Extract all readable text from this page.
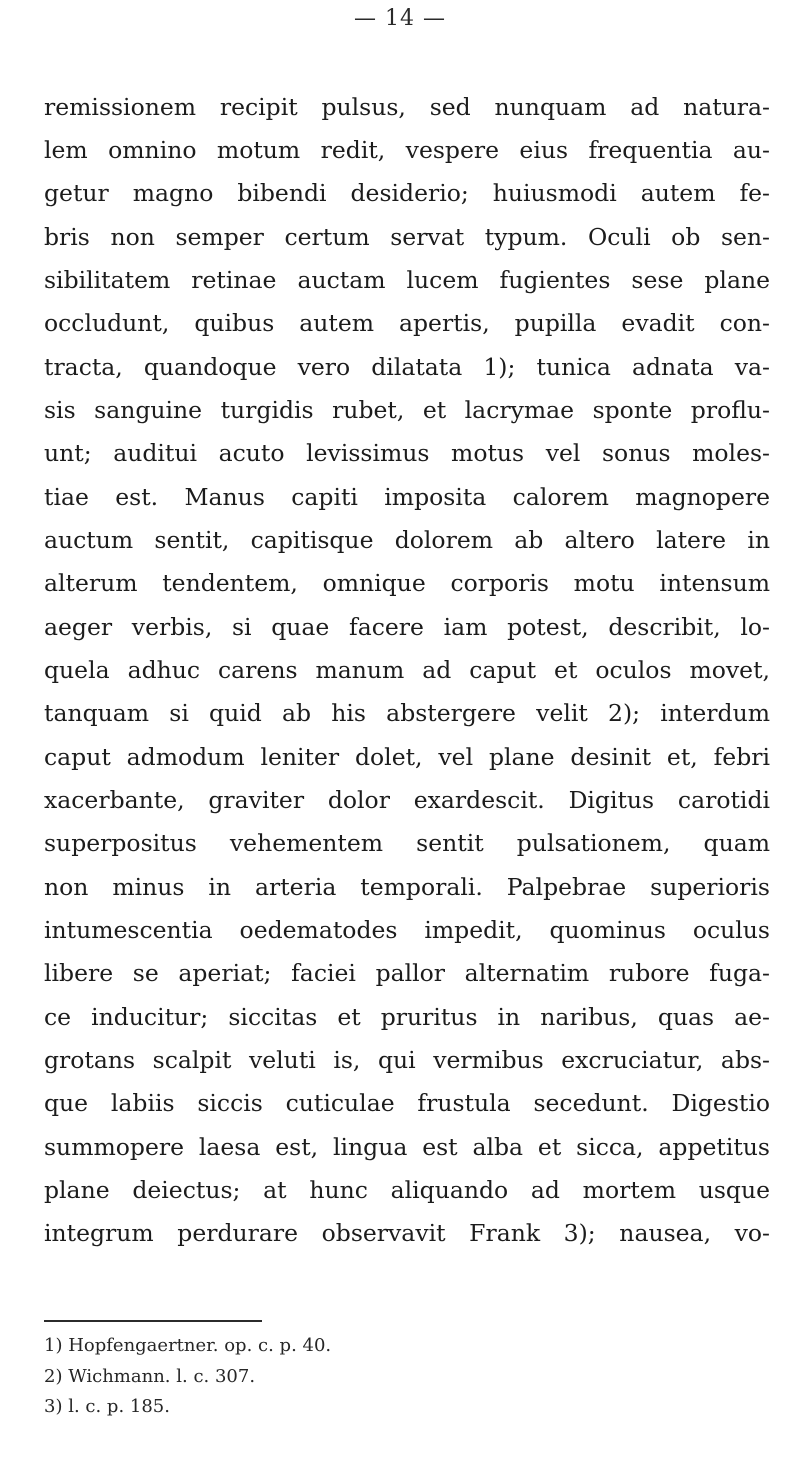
— 14 —
remissionem recipit pulsus, sed nunquam ad natura-
lem omnino motum redit, vespere eius frequentia au-
getur magno bibendi desiderio; huiusmodi autem fe-
bris non semper certum servat typum. Oculi ob sen-
sibilitatem retinae auctam lucem fugientes sese plane
occludunt, quibus autem apertis, pupilla evadit con-
tracta, quandoque vero dilatata 1); tunica adnata va-
sis sanguine turgidis rubet, et lacrymae sponte proflu-
unt; auditui acuto levissimus motus vel sonus moles-
tiae est. Manus capiti imposita calorem magnopere
auctum sentit, capitisque dolorem ab altero latere in
alterum tendentem, omnique corporis motu intensum
aeger verbis, si quae facere iam potest, describit, lo-
quela adhuc carens manum ad caput et oculos movet,
tanquam si quid ab his abstergere velit 2); interdum
caput admodum leniter dolet, vel plane desinit et, febri
xacerbante, graviter dolor exardescit. Digitus carotidi
superpositus vehementem sentit pulsationem, quam
non minus in arteria temporali. Palpebrae superioris
intumescentia oedematodes impedit, quominus oculus
libere se aperiat; faciei pallor alternatim rubore fuga-
ce inducitur; siccitas et pruritus in naribus, quas ae-
grotans scalpit veluti is, qui vermibus excruciatur, abs-
que labiis siccis cuticulae frustula secedunt. Digestio
summopere laesa est, lingua est alba et sicca, appetitus
plane deiectus; at hunc aliquando ad mortem usque
integrum perdurare observavit Frank 3); nausea, vo-
1) Hopfengaertner. op. c. p. 40.
2) Wichmann. l. c. 307.
3) l. c. p. 185.
